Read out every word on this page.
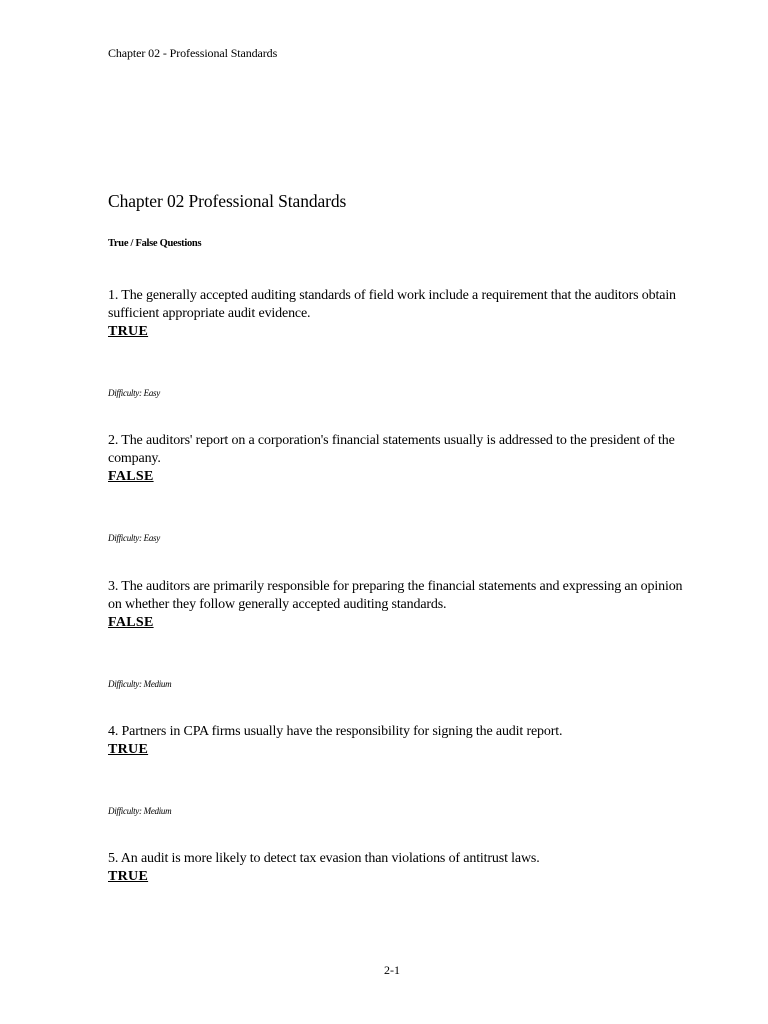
Chapter 02 - Professional Standards
Chapter 02 Professional Standards
True / False Questions
1. The generally accepted auditing standards of field work include a requirement that the auditors obtain sufficient appropriate audit evidence.
TRUE
Difficulty: Easy
2. The auditors' report on a corporation's financial statements usually is addressed to the president of the company.
FALSE
Difficulty: Easy
3. The auditors are primarily responsible for preparing the financial statements and expressing an opinion on whether they follow generally accepted auditing standards.
FALSE
Difficulty: Medium
4. Partners in CPA firms usually have the responsibility for signing the audit report.
TRUE
Difficulty: Medium
5. An audit is more likely to detect tax evasion than violations of antitrust laws.
TRUE
2-1
